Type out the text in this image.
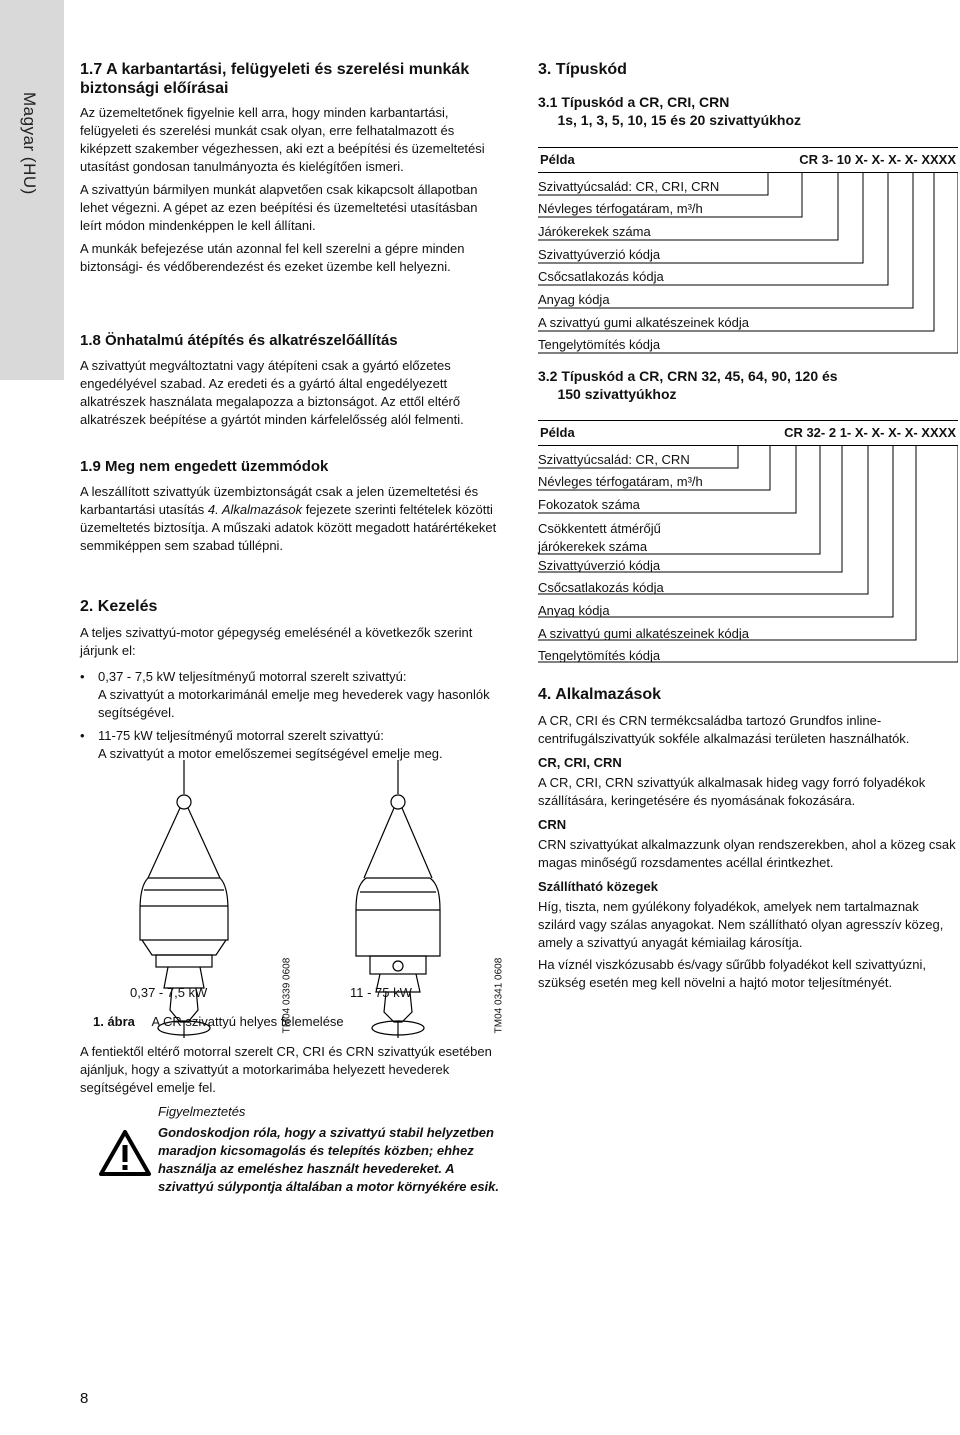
Magyar (HU)
1.7 A karbantartási, felügyeleti és szerelési munkák
biztonsági előírásai

Az üzemeltetőnek figyelnie kell arra, hogy minden karbantartási, felügyeleti és szerelési munkát csak olyan, erre felhatalmazott és kiképzett szakember végezhessen, aki ezt a beépítési és üzemeltetési utasítást gondosan tanulmányozta és kielégítően ismeri.

A szivattyún bármilyen munkát alapvetően csak kikapcsolt állapotban lehet végezni. A gépet az ezen beépítési és üzemeltetési utasításban leírt módon mindenképpen le kell állítani.

A munkák befejezése után azonnal fel kell szerelni a gépre minden biztonsági- és védőberendezést és ezeket üzembe kell helyezni.

1.8 Önhatalmú átépítés és alkatrészelőállítás

A szivattyút megváltoztatni vagy átépíteni csak a gyártó előzetes engedélyével szabad. Az eredeti és a gyártó által engedélyezett alkatrészek használata megalapozza a biztonságot. Az ettől eltérő alkatrészek beépítése a gyártót minden kárfelelősség alól felmenti.

1.9 Meg nem engedett üzemmódok

A leszállított szivattyúk üzembiztonságát csak a jelen üzemeltetési és karbantartási utasítás 4. Alkalmazások fejezete szerinti feltételek közötti üzemeltetés biztosítja. A műszaki adatok között megadott határértékeket semmiképpen sem szabad túllépni.

2. Kezelés

A teljes szivattyú-motor gépegység emelésénél a következők szerint járjunk el:

• 0,37 - 7,5 kW teljesítményű motorral szerelt szivattyú:
A szivattyút a motorkarimánál emelje meg hevederek vagy hasonlók segítségével.
• 11-75 kW teljesítményű motorral szerelt szivattyú:
A szivattyút a motor emelőszemei segítségével emelje meg.
TM04 0339 0608	TM04 0341 0608
0,37 - 7,5 kW	11 - 75 kW
1. ábra A CR szivattyú helyes felemelése

A fentiektől eltérő motorral szerelt CR, CRI és CRN szivattyúk esetében ajánljuk, hogy a szivattyút a motorkarimába helyezett hevederek segítségével emelje fel.

Figyelmeztetés

Gondoskodjon róla, hogy a szivattyú stabil helyzetben maradjon kicsomagolás és telepítés közben; ehhez használja az emeléshez használt hevedereket. A szivattyú súlypontja általában a motor környékére esik.

3. Típuskód
3.1 Típuskód a CR, CRI, CRN
1s, 1, 3, 5, 10, 15 és 20 szivattyúkhoz
Példa	CR 3- 10 X- X- X- X- XXXX
Szivattyúcsalád: CR, CRI, CRN
Névleges térfogatáram, m³/h
Járókerekek száma
Szivattyúverzió kódja
Csőcsatlakozás kódja
Anyag kódja
A szivattyú gumi alkatészeinek kódja
Tengelytömítés kódja
3.2 Típuskód a CR, CRN 32, 45, 64, 90, 120 és
150 szivattyúkhoz
Példa	CR 32- 2 1- X- X- X- X- XXXX
Szivattyúcsalád: CR, CRN
Névleges térfogatáram, m³/h
Fokozatok száma
Csökkentett átmérőjű
járókerekek száma
Szivattyúverzió kódja
Csőcsatlakozás kódja
Anyag kódja
A szivattyú gumi alkatészeinek kódja
Tengelytömítés kódja
4. Alkalmazások

A CR, CRI és CRN termékcsaládba tartozó Grundfos inline-centrifugálszivattyúk sokféle alkalmazási területen használhatók.

CR, CRI, CRN

A CR, CRI, CRN szivattyúk alkalmasak hideg vagy forró folyadékok szállítására, keringetésére és nyomásának fokozására.

CRN

CRN szivattyúkat alkalmazzunk olyan rendszerekben, ahol a közeg csak magas minőségű rozsdamentes acéllal érintkezhet.

Szállítható közegek

Híg, tiszta, nem gyúlékony folyadékok, amelyek nem tartalmaznak szilárd vagy szálas anyagokat. Nem szállítható olyan agresszív közeg, amely a szivattyú anyagát kémiailag károsítja.

Ha víznél viszkózusabb és/vagy sűrűbb folyadékot kell szivattyúzni, szükség esetén meg kell növelni a hajtó motor teljesítményét.

8
